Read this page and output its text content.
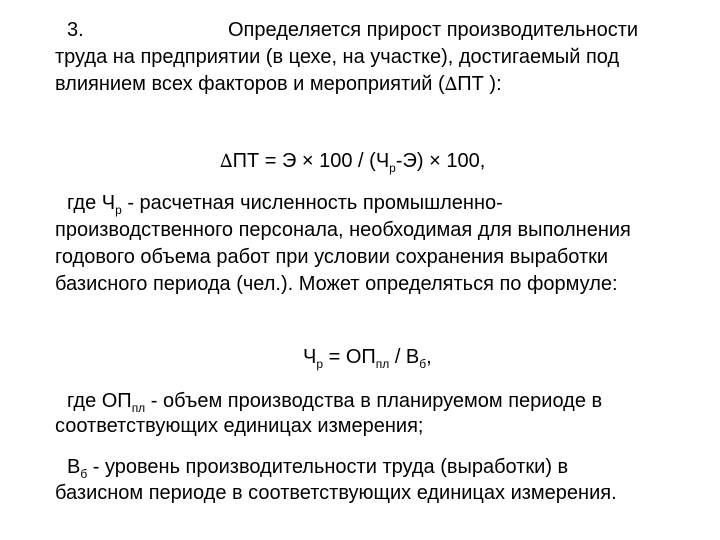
3.	Определяется прирост производительности
труда на предприятии (в цехе, на участке), достигаемый под
влиянием всех факторов и мероприятий (∆ПТ ):
$\Delta ПТ = Э \times 100 / (Ч_р-Э) \times 100$,
где $Ч_р$ - расчетная численность промышленно-
производственного персонала, необходимая для выполнения
годового объема работ при условии сохранения выработки
базисного периода (чел.). Может определяться по формуле:
$Ч_р = ОП_{пл} / В_б$,
где $ОП_{пл}$ - объем производства в планируемом периоде в
соответствующих единицах измерения;
$В_б$ - уровень производительности труда (выработки) в
базисном периоде в соответствующих единицах измерения.
